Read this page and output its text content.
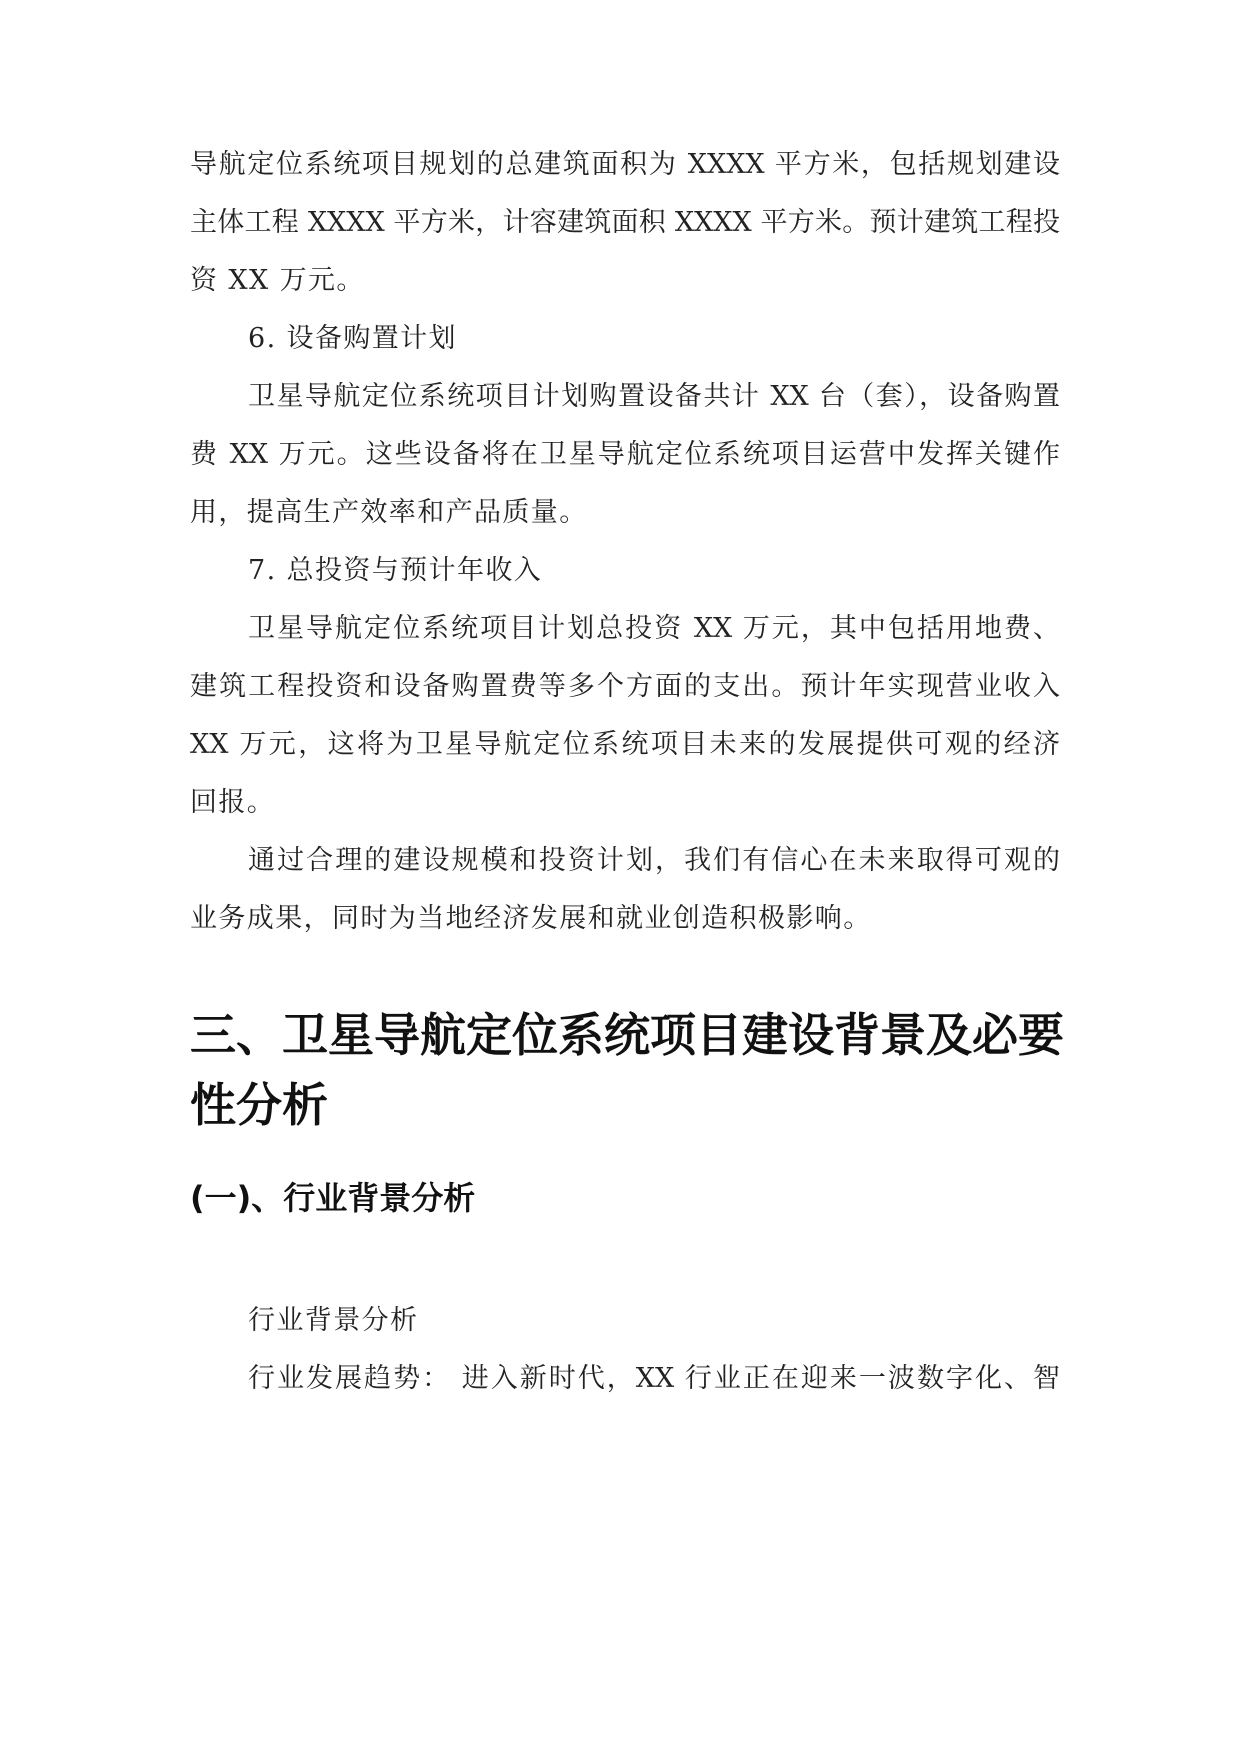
导航定位系统项目规划的总建筑面积为 XXXX 平方米，包括规划建设
主体工程 XXXX 平方米，计容建筑面积 XXXX 平方米。预计建筑工程投
资 XX 万元。
6. 设备购置计划
卫星导航定位系统项目计划购置设备共计 XX 台（套），设备购置
费 XX 万元。这些设备将在卫星导航定位系统项目运营中发挥关键作
用，提高生产效率和产品质量。
7. 总投资与预计年收入
卫星导航定位系统项目计划总投资 XX 万元，其中包括用地费、
建筑工程投资和设备购置费等多个方面的支出。预计年实现营业收入
XX 万元，这将为卫星导航定位系统项目未来的发展提供可观的经济
回报。
通过合理的建设规模和投资计划，我们有信心在未来取得可观的
业务成果，同时为当地经济发展和就业创造积极影响。
三、卫星导航定位系统项目建设背景及必要
性分析
(一)、行业背景分析
行业背景分析
行业发展趋势： 进入新时代，XX 行业正在迎来一波数字化、智
